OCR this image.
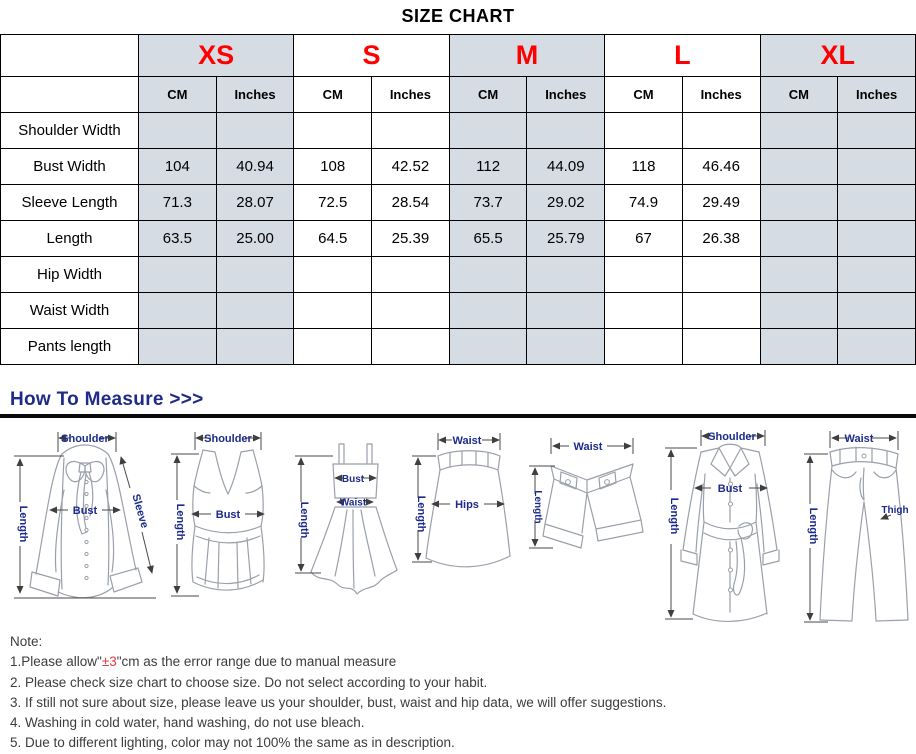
SIZE CHART
	XS		S		M		L		XL	
	CM	Inches	CM	Inches	CM	Inches	CM	Inches	CM	Inches
Shoulder Width										
Bust Width	104	40.94	108	42.52	112	44.09	118	46.46		
Sleeve Length	71.3	28.07	72.5	28.54	73.7	29.02	74.9	29.49		
Length	63.5	25.00	64.5	25.39	65.5	25.79	67	26.38		
Hip Width										
Waist Width										
Pants length										
How To Measure >>>
Shoulder
Length	Bust	Sleeve
Shoulder
Length	Bust	Length
Bust
Waist
Waist
Length	Hips
Waist
Length
Shoulder
Length
Bust
Waist
Length	Thigh
Note:
1.Please allow"±3"cm as the error range due to manual measure
2. Please check size chart to choose size. Do not select according to your habit.
3. If still not sure about size, please leave us your shoulder, bust, waist and hip data, we will offer suggestions.
4. Washing in cold water, hand washing, do not use bleach.
5. Due to different lighting, color may not 100% the same as in description.
